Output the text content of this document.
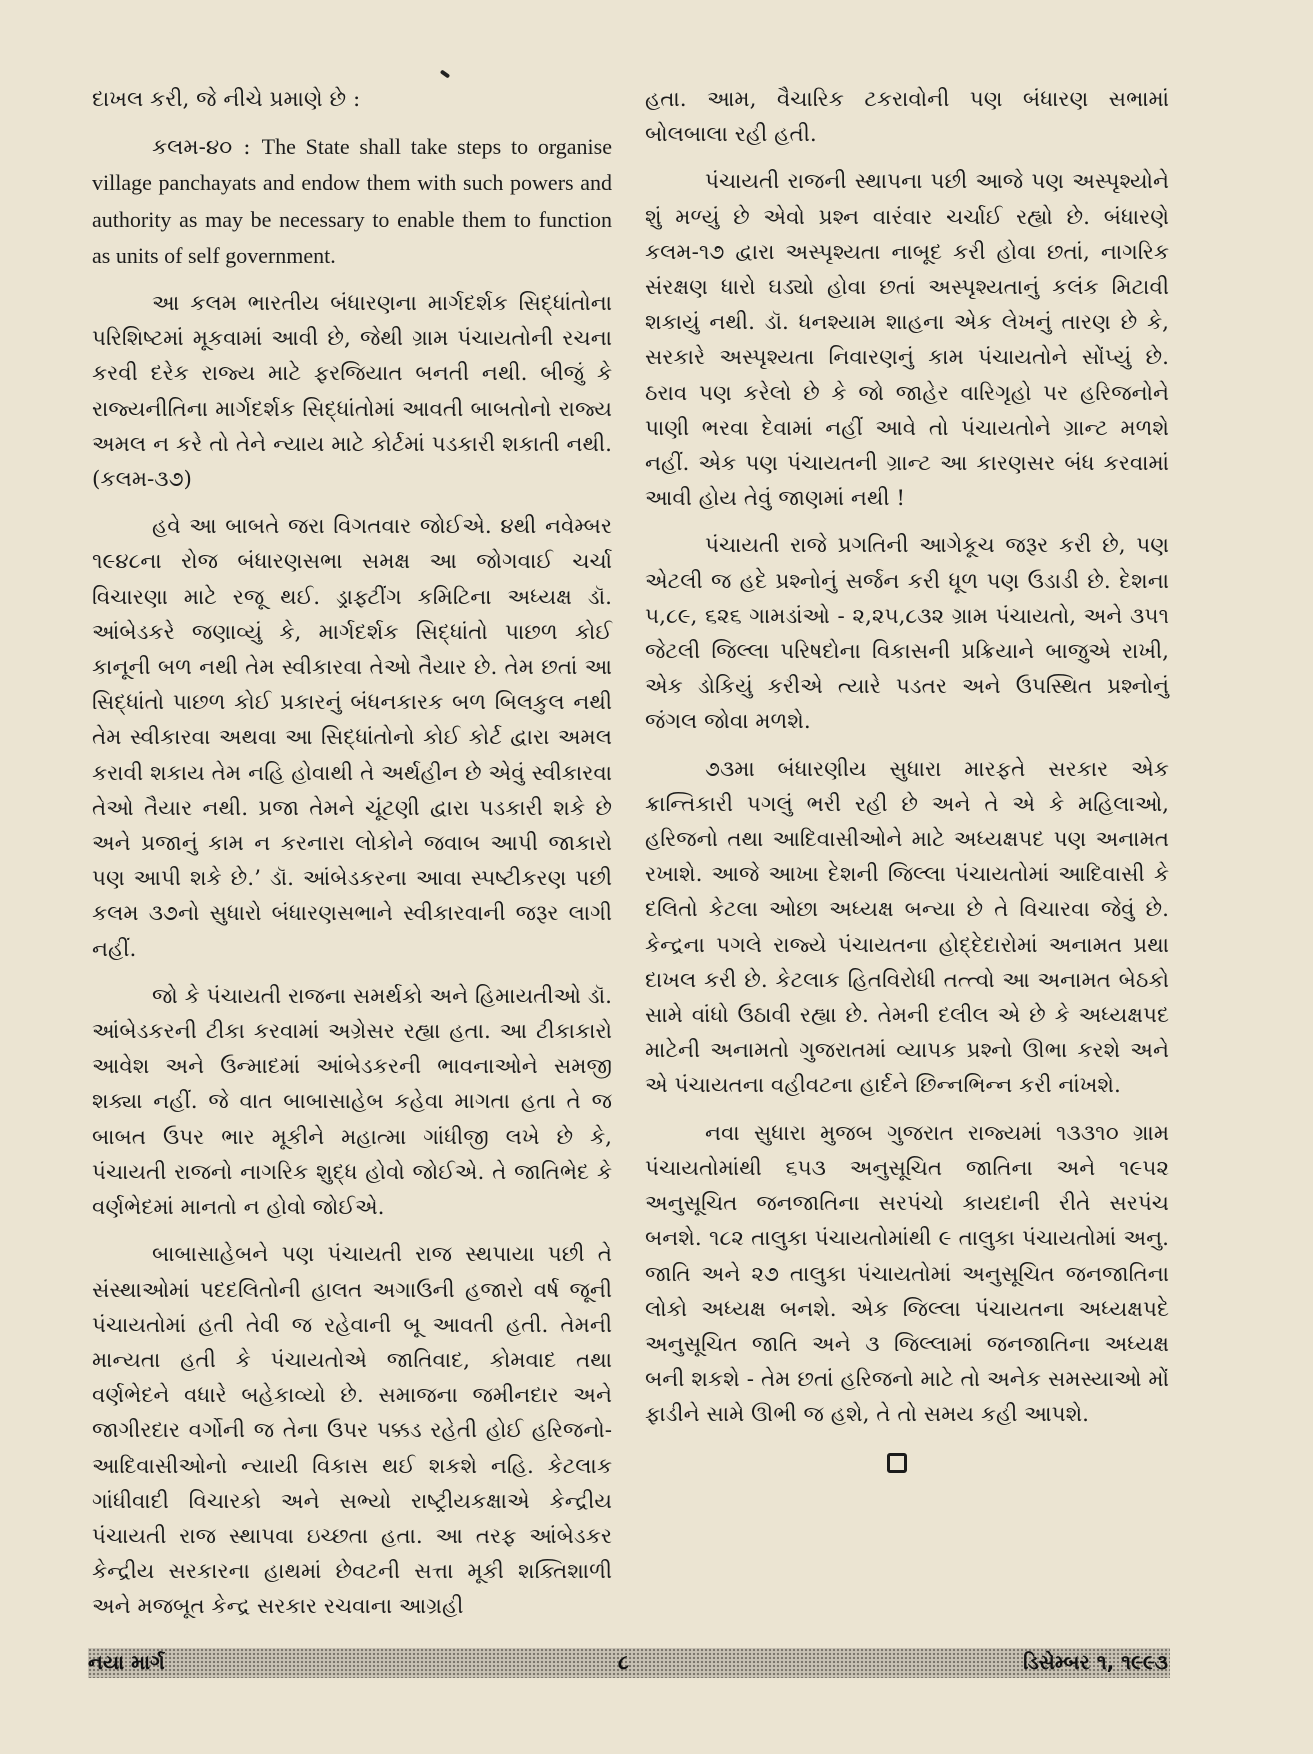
દાખલ કરી, જે નીચે પ્રમાણે છે :

કલમ-૪૦ : The State shall take steps to organise village panchayats and endow them with such powers and authority as may be necessary to enable them to function as units of self government.

આ કલમ ભારતીય બંધારણના માર્ગદર્શક સિદ્ધાંતોના પરિશિષ્ટમાં મૂકવામાં આવી છે, જેથી ગ્રામ પંચાયતોની રચના કરવી દરેક રાજ્ય માટે ફરજિયાત બનતી નથી. બીજું કે રાજ્યનીતિના માર્ગદર્શક સિદ્ધાંતોમાં આવતી બાબતોનો રાજ્ય અમલ ન કરે તો તેને ન્યાય માટે કોર્ટમાં પડકારી શકાતી નથી. (કલમ-૩૭)

હવે આ બાબતે જરા વિગતવાર જોઈએ. ૪થી નવેમ્બર ૧૯૪૮ના રોજ બંધારણસભા સમક્ષ આ જોગવાઈ ચર્ચા વિચારણા માટે રજૂ થઈ. ડ્રાફ્ટીંગ કમિટિના અધ્યક્ષ ડૉ. આંબેડકરે જણાવ્યું કે, માર્ગદર્શક સિદ્ધાંતો પાછળ કોઈ કાનૂની બળ નથી તેમ સ્વીકારવા તેઓ તૈયાર છે. તેમ છતાં આ સિદ્ધાંતો પાછળ કોઈ પ્રકારનું બંધનકારક બળ બિલકુલ નથી તેમ સ્વીકારવા અથવા આ સિદ્ધાંતોનો કોઈ કોર્ટ દ્વારા અમલ કરાવી શકાય તેમ નહિ હોવાથી તે અર્થહીન છે એવું સ્વીકારવા તેઓ તૈયાર નથી. પ્રજા તેમને ચૂંટણી દ્વારા પડકારી શકે છે અને પ્રજાનું કામ ન કરનારા લોકોને જવાબ આપી જાકારો પણ આપી શકે છે.’ ડૉ. આંબેડકરના આવા સ્પષ્ટીકરણ પછી કલમ ૩૭નો સુધારો બંધારણસભાને સ્વીકારવાની જરૂર લાગી નહીં.

જો કે પંચાયતી રાજના સમર્થકો અને હિમાયતીઓ ડૉ. આંબેડકરની ટીકા કરવામાં અગ્રેસર રહ્યા હતા. આ ટીકાકારો આવેશ અને ઉન્માદમાં આંબેડકરની ભાવનાઓને સમજી શક્યા નહીં. જે વાત બાબાસાહેબ કહેવા માગતા હતા તે જ બાબત ઉપર ભાર મૂકીને મહાત્મા ગાંધીજી લખે છે કે, પંચાયતી રાજનો નાગરિક શુદ્ધ હોવો જોઈએ. તે જાતિભેદ કે વર્ણભેદમાં માનતો ન હોવો જોઈએ.

બાબાસાહેબને પણ પંચાયતી રાજ સ્થપાયા પછી તે સંસ્થાઓમાં પદદલિતોની હાલત અગાઉની હજારો વર્ષ જૂની પંચાયતોમાં હતી તેવી જ રહેવાની બૂ આવતી હતી. તેમની માન્યતા હતી કે પંચાયતોએ જાતિવાદ, કોમવાદ તથા વર્ણભેદને વધારે બહેકાવ્યો છે. સમાજના જમીનદાર અને જાગીરદાર વર્ગોની જ તેના ઉપર પક્કડ રહેતી હોઈ હરિજનો-આદિવાસીઓનો ન્યાયી વિકાસ થઈ શકશે નહિ. કેટલાક ગાંધીવાદી વિચારકો અને સભ્યો રાષ્ટ્રીયકક્ષાએ કેન્દ્રીય પંચાયતી રાજ સ્થાપવા ઇચ્છતા હતા. આ તરફ આંબેડકર કેન્દ્રીય સરકારના હાથમાં છેવટની સત્તા મૂકી શક્તિશાળી અને મજબૂત કેન્દ્ર સરકાર રચવાના આગ્રહી

હતા. આમ, વૈચારિક ટકરાવોની પણ બંધારણ સભામાં બોલબાલા રહી હતી.

પંચાયતી રાજની સ્થાપના પછી આજે પણ અસ્પૃશ્યોને શું મળ્યું છે એવો પ્રશ્ન વારંવાર ચર્ચાઈ રહ્યો છે. બંધારણે કલમ-૧૭ દ્વારા અસ્પૃશ્યતા નાબૂદ કરી હોવા છતાં, નાગરિક સંરક્ષણ ધારો ઘડ્યો હોવા છતાં અસ્પૃશ્યતાનું કલંક મિટાવી શકાયું નથી. ડૉ. ધનશ્યામ શાહના એક લેખનું તારણ છે કે, સરકારે અસ્પૃશ્યતા નિવારણનું કામ પંચાયતોને સોંપ્યું છે. ઠરાવ પણ કરેલો છે કે જો જાહેર વારિગૃહો પર હરિજનોને પાણી ભરવા દેવામાં નહીં આવે તો પંચાયતોને ગ્રાન્ટ મળશે નહીં. એક પણ પંચાયતની ગ્રાન્ટ આ કારણસર બંધ કરવામાં આવી હોય તેવું જાણમાં નથી !

પંચાયતી રાજે પ્રગતિની આગેકૂચ જરૂર કરી છે, પણ એટલી જ હદે પ્રશ્નોનું સર્જન કરી ધૂળ પણ ઉડાડી છે. દેશના ૫,૮૯, ૬૨૬ ગામડાંઓ - ૨,૨૫,૮૩૨ ગ્રામ પંચાયતો, અને ૩૫૧ જેટલી જિલ્લા પરિષદોના વિકાસની પ્રક્રિયાને બાજુએ રાખી, એક ડોકિયું કરીએ ત્યારે પડતર અને ઉપસ્થિત પ્રશ્નોનું જંગલ જોવા મળશે.

૭૩મા બંધારણીય સુધારા મારફતે સરકાર એક ક્રાન્તિકારી પગલું ભરી રહી છે અને તે એ કે મહિલાઓ, હરિજનો તથા આદિવાસીઓને માટે અધ્યક્ષપદ પણ અનામત રખાશે. આજે આખા દેશની જિલ્લા પંચાયતોમાં આદિવાસી કે દલિતો કેટલા ઓછા અધ્યક્ષ બન્યા છે તે વિચારવા જેવું છે. કેન્દ્રના પગલે રાજ્યે પંચાયતના હોદ્દેદારોમાં અનામત પ્રથા દાખલ કરી છે. કેટલાક હિતવિરોધી તત્ત્વો આ અનામત બેઠકો સામે વાંધો ઉઠાવી રહ્યા છે. તેમની દલીલ એ છે કે અધ્યક્ષપદ માટેની અનામતો ગુજરાતમાં વ્યાપક પ્રશ્નો ઊભા કરશે અને એ પંચાયતના વહીવટના હાર્દને છિન્નભિન્ન કરી નાંખશે.

નવા સુધારા મુજબ ગુજરાત રાજ્યમાં ૧૩૩૧૦ ગ્રામ પંચાયતોમાંથી ૬૫૩ અનુસૂચિત જાતિના અને ૧૯૫૨ અનુસૂચિત જનજાતિના સરપંચો કાયદાની રીતે સરપંચ બનશે. ૧૮૨ તાલુકા પંચાયતોમાંથી ૯ તાલુકા પંચાયતોમાં અનુ. જાતિ અને ૨૭ તાલુકા પંચાયતોમાં અનુસૂચિત જનજાતિના લોકો અધ્યક્ષ બનશે. એક જિલ્લા પંચાયતના અધ્યક્ષપદે અનુસૂચિત જાતિ અને ૩ જિલ્લામાં જનજાતિના અધ્યક્ષ બની શકશે - તેમ છતાં હરિજનો માટે તો અનેક સમસ્યાઓ મોં ફાડીને સામે ઊભી જ હશે, તે તો સમય કહી આપશે.

નયા માર્ગ	૮	ડિસેમ્બર ૧, ૧૯૯૩
